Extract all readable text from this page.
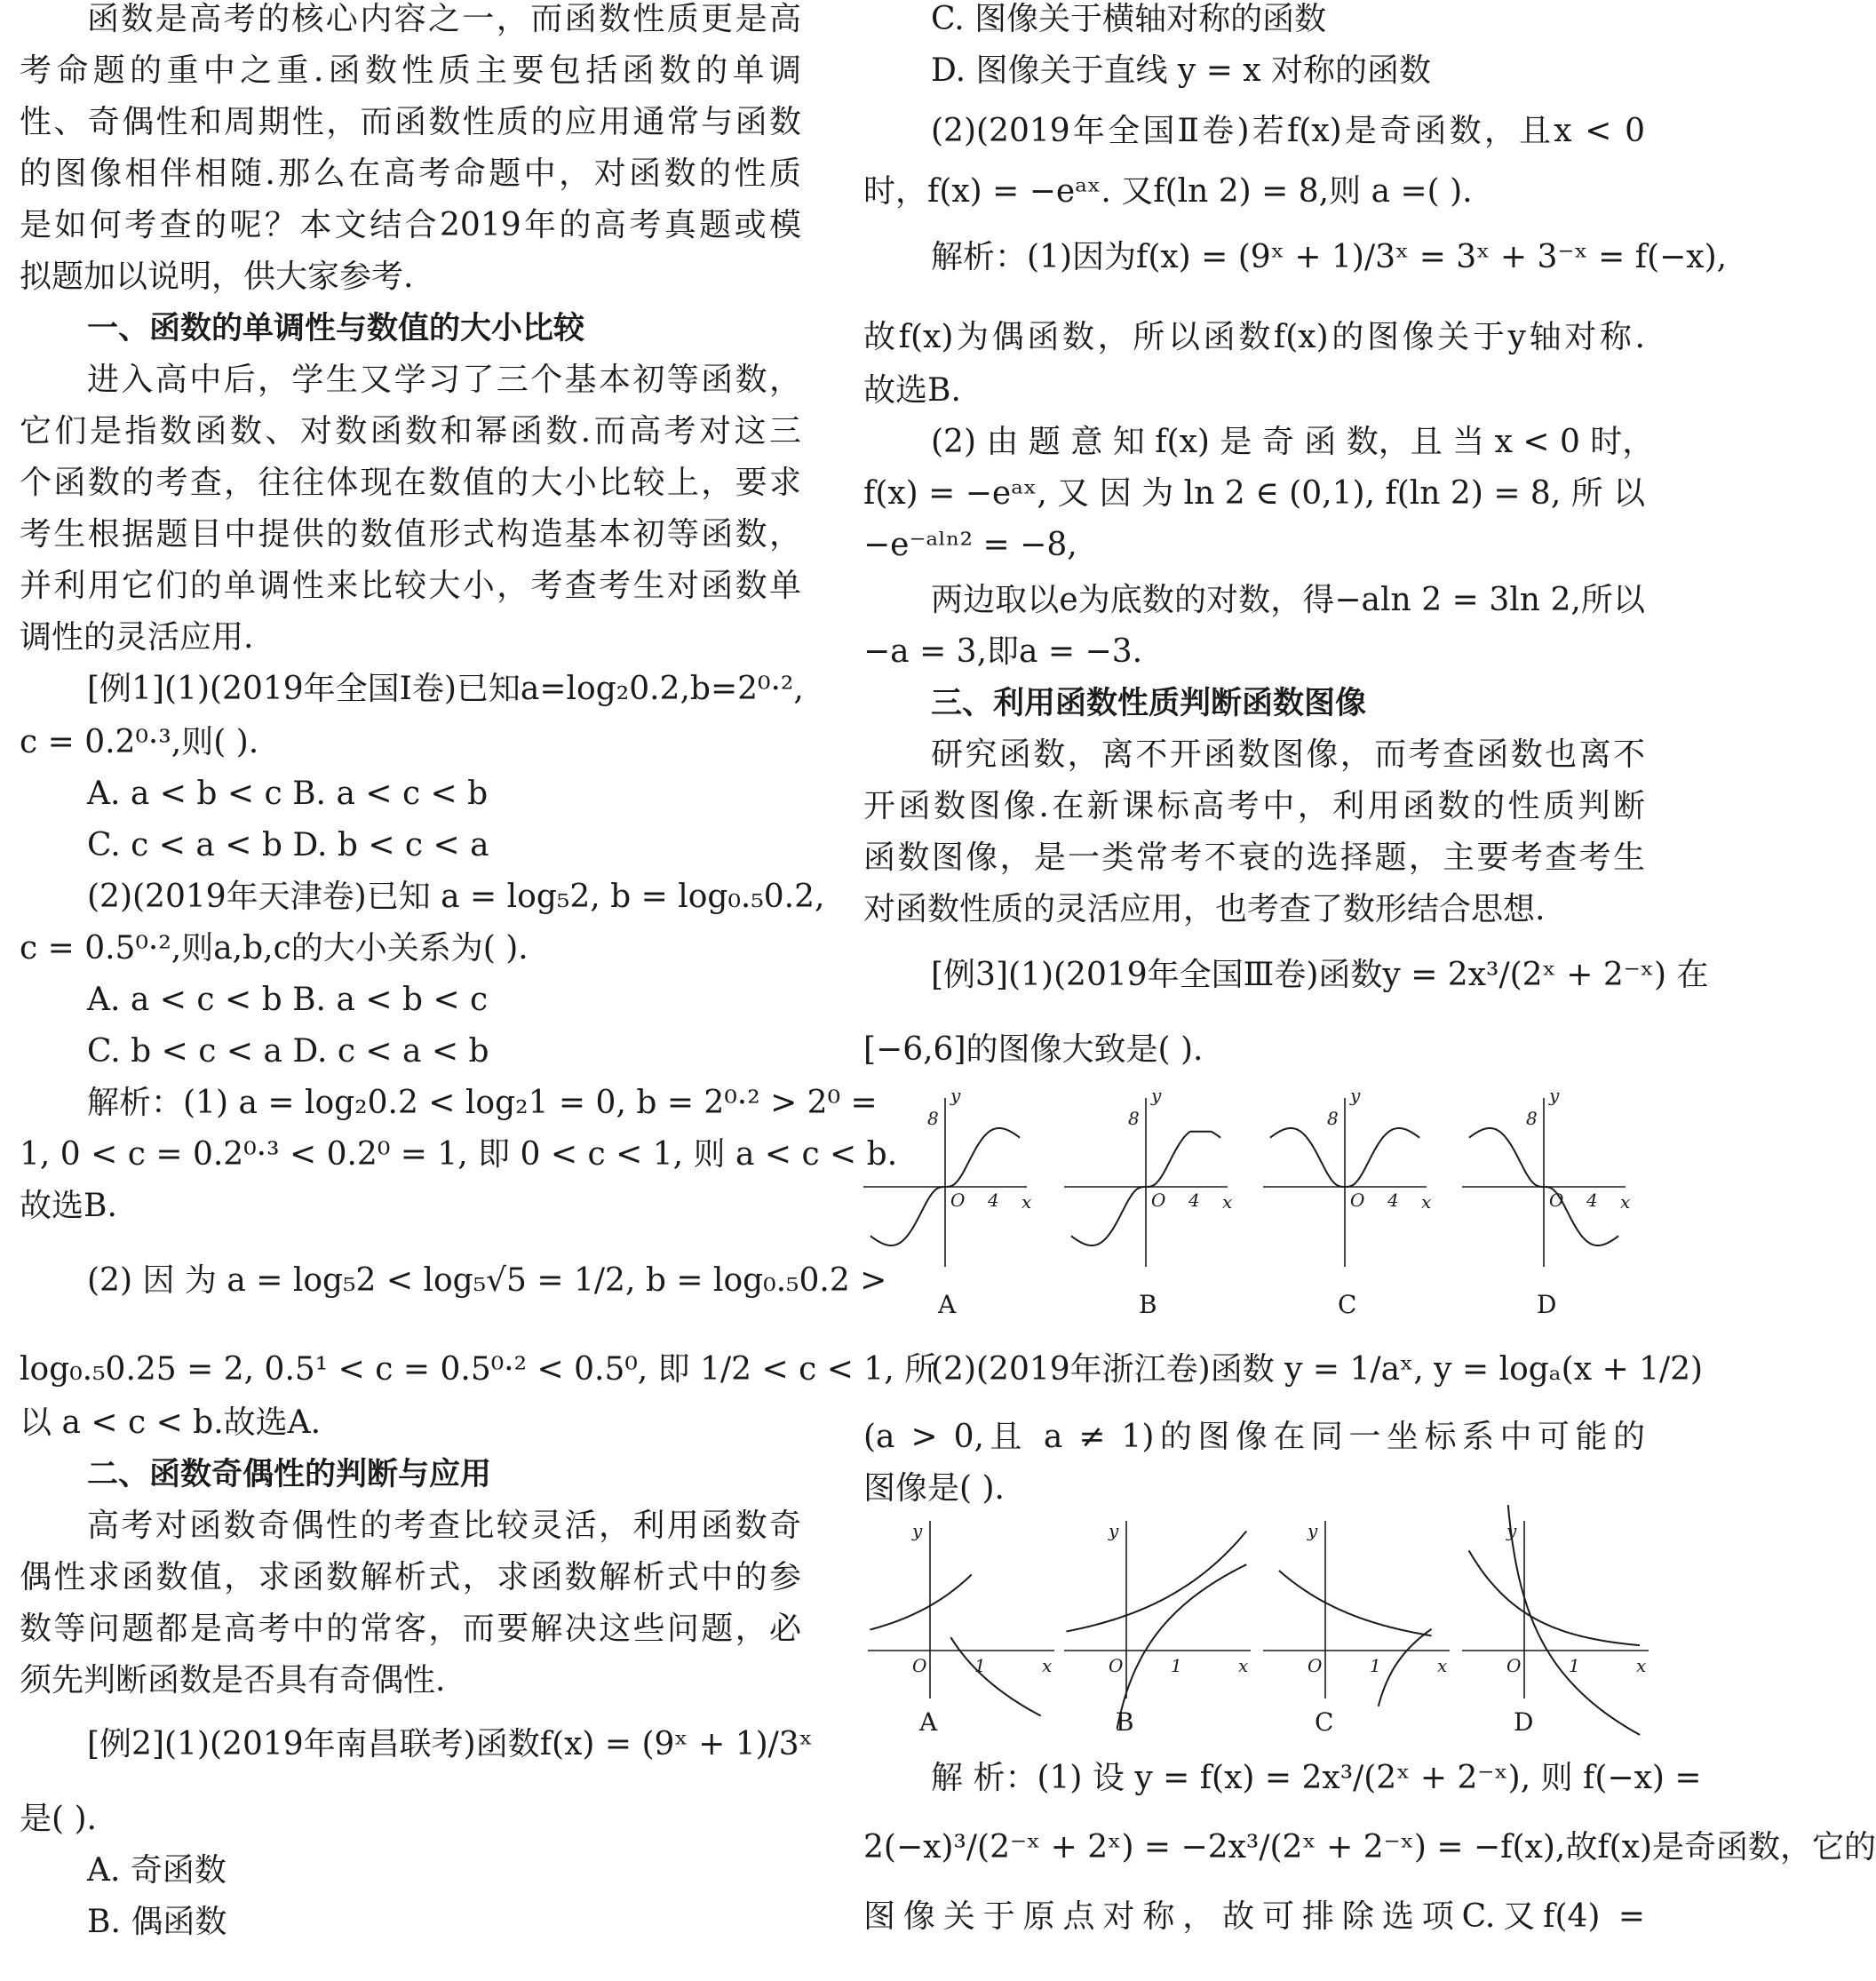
函数是高考的核心内容之一，而函数性质更是高
考命题的重中之重.函数性质主要包括函数的单调
性、奇偶性和周期性，而函数性质的应用通常与函数
的图像相伴相随.那么在高考命题中，对函数的性质
是如何考查的呢？本文结合2019年的高考真题或模
拟题加以说明，供大家参考.
一、函数的单调性与数值的大小比较
进入高中后，学生又学习了三个基本初等函数，
它们是指数函数、对数函数和幂函数.而高考对这三
个函数的考查，往往体现在数值的大小比较上，要求
考生根据题目中提供的数值形式构造基本初等函数，
并利用它们的单调性来比较大小，考查考生对函数单
调性的灵活应用.
[例1](1)(2019年全国Ⅰ卷)已知a=log₂0.2,b=2⁰·²,
c = 0.2⁰·³,则( ).
A. a < b < c B. a < c < b
C. c < a < b D. b < c < a
(2)(2019年天津卷)已知 a = log₅2, b = log₀.₅0.2,
c = 0.5⁰·²,则a,b,c的大小关系为( ).
A. a < c < b B. a < b < c
C. b < c < a D. c < a < b
解析：(1) a = log₂0.2 < log₂1 = 0, b = 2⁰·² > 2⁰ =
1, 0 < c = 0.2⁰·³ < 0.2⁰ = 1, 即 0 < c < 1, 则 a < c < b.
故选B.
(2) 因 为 a = log₅2 < log₅√5 = 1/2, b = log₀.₅0.2 >
log₀.₅0.25 = 2, 0.5¹ < c = 0.5⁰·² < 0.5⁰, 即 1/2 < c < 1, 所
以 a < c < b.故选A.
二、函数奇偶性的判断与应用
高考对函数奇偶性的考查比较灵活，利用函数奇
偶性求函数值，求函数解析式，求函数解析式中的参
数等问题都是高考中的常客，而要解决这些问题，必
须先判断函数是否具有奇偶性.
[例2](1)(2019年南昌联考)函数f(x) = (9ˣ + 1)/3ˣ
是( ).
A. 奇函数
B. 偶函数
C. 图像关于横轴对称的函数
D. 图像关于直线 y = x 对称的函数
(2)(2019年全国Ⅱ卷)若f(x)是奇函数，且x < 0
时，f(x) = −eᵃˣ. 又f(ln 2) = 8,则 a =( ).
解析：(1)因为f(x) = (9ˣ + 1)/3ˣ = 3ˣ + 3⁻ˣ = f(−x),
故f(x)为偶函数，所以函数f(x)的图像关于y轴对称.
故选B.
(2) 由 题 意 知 f(x) 是 奇 函 数，且 当 x < 0 时，
f(x) = −eᵃˣ, 又 因 为 ln 2 ∈ (0,1), f(ln 2) = 8, 所 以
−e⁻ᵃˡⁿ² = −8,
两边取以e为底数的对数，得−aln 2 = 3ln 2,所以
−a = 3,即a = −3.
三、利用函数性质判断函数图像
研究函数，离不开函数图像，而考查函数也离不
开函数图像.在新课标高考中，利用函数的性质判断
函数图像，是一类常考不衰的选择题，主要考查考生
对函数性质的灵活应用，也考查了数形结合思想.
[例3](1)(2019年全国Ⅲ卷)函数y = 2x³/(2ˣ + 2⁻ˣ) 在
[−6,6]的图像大致是( ).
(2)(2019年浙江卷)函数 y = 1/aˣ, y = logₐ(x + 1/2)
(a > 0,且 a ≠ 1)的图像在同一坐标系中可能的
图像是( ).
解 析：(1) 设 y = f(x) = 2x³/(2ˣ + 2⁻ˣ), 则 f(−x) =
2(−x)³/(2⁻ˣ + 2ˣ) = −2x³/(2ˣ + 2⁻ˣ) = −f(x),故f(x)是奇函数，它的
图像关于原点对称，故可排除选项C.又f(4) =
8
O 4 x
y
A
8
O 4 x
y
B
8
O 4 x
y
C
8
O 4 x
y
D
O	1	x
y
A
O	1	x
y
B
O	1	x
y
C
O	1	x
y
D
